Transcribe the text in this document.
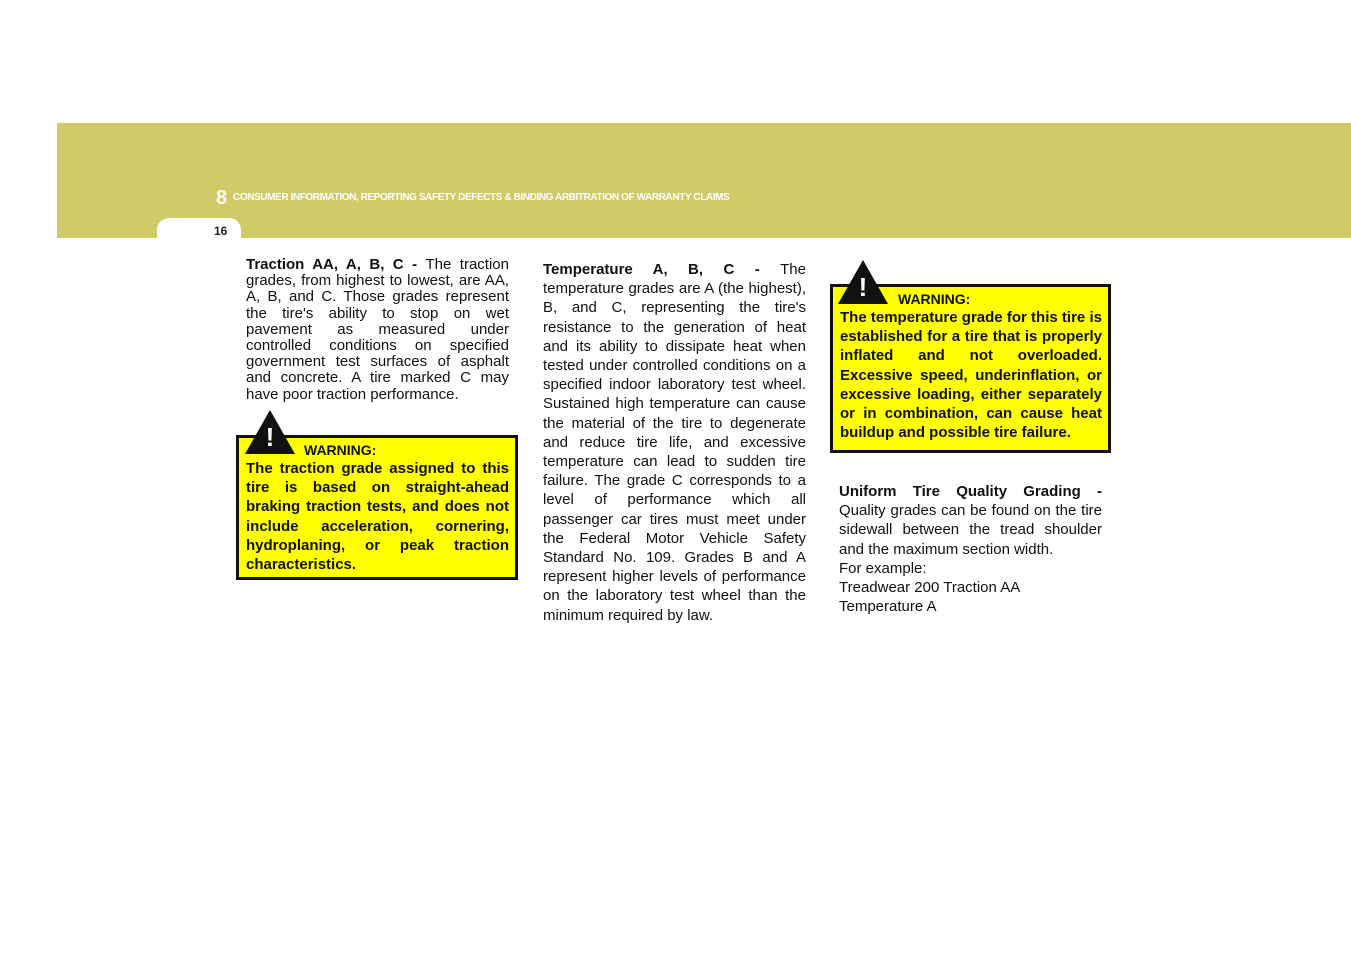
8 CONSUMER INFORMATION, REPORTING SAFETY DEFECTS & BINDING ARBITRATION OF WARRANTY CLAIMS
16

Traction AA, A, B, C - The traction grades, from highest to lowest, are AA, A, B, and C. Those grades represent the tire's ability to stop on wet pavement as measured under controlled conditions on specified government test surfaces of asphalt and concrete. A tire marked C may have poor traction performance.

WARNING:

The traction grade assigned to this tire is based on straight-ahead braking traction tests, and does not include acceleration, cornering, hydroplaning, or peak traction characteristics.

!

Temperature A, B, C - The temperature grades are A (the highest), B, and C, representing the tire's resistance to the generation of heat and its ability to dissipate heat when tested under controlled conditions on a specified indoor laboratory test wheel. Sustained high temperature can cause the material of the tire to degenerate and reduce tire life, and excessive temperature can lead to sudden tire failure. The grade C corresponds to a level of performance which all passenger car tires must meet under the Federal Motor Vehicle Safety Standard No. 109. Grades B and A represent higher levels of performance on the laboratory test wheel than the minimum required by law.

WARNING:

The temperature grade for this tire is established for a tire that is properly inflated and not overloaded. Excessive speed, underinflation, or excessive loading, either separately or in combination, can cause heat buildup and possible tire failure.

!
Uniform Tire Quality Grading - Quality grades can be found on the tire sidewall between the tread shoulder and the maximum section width.
For example:
Treadwear 200 Traction AA
Temperature A
